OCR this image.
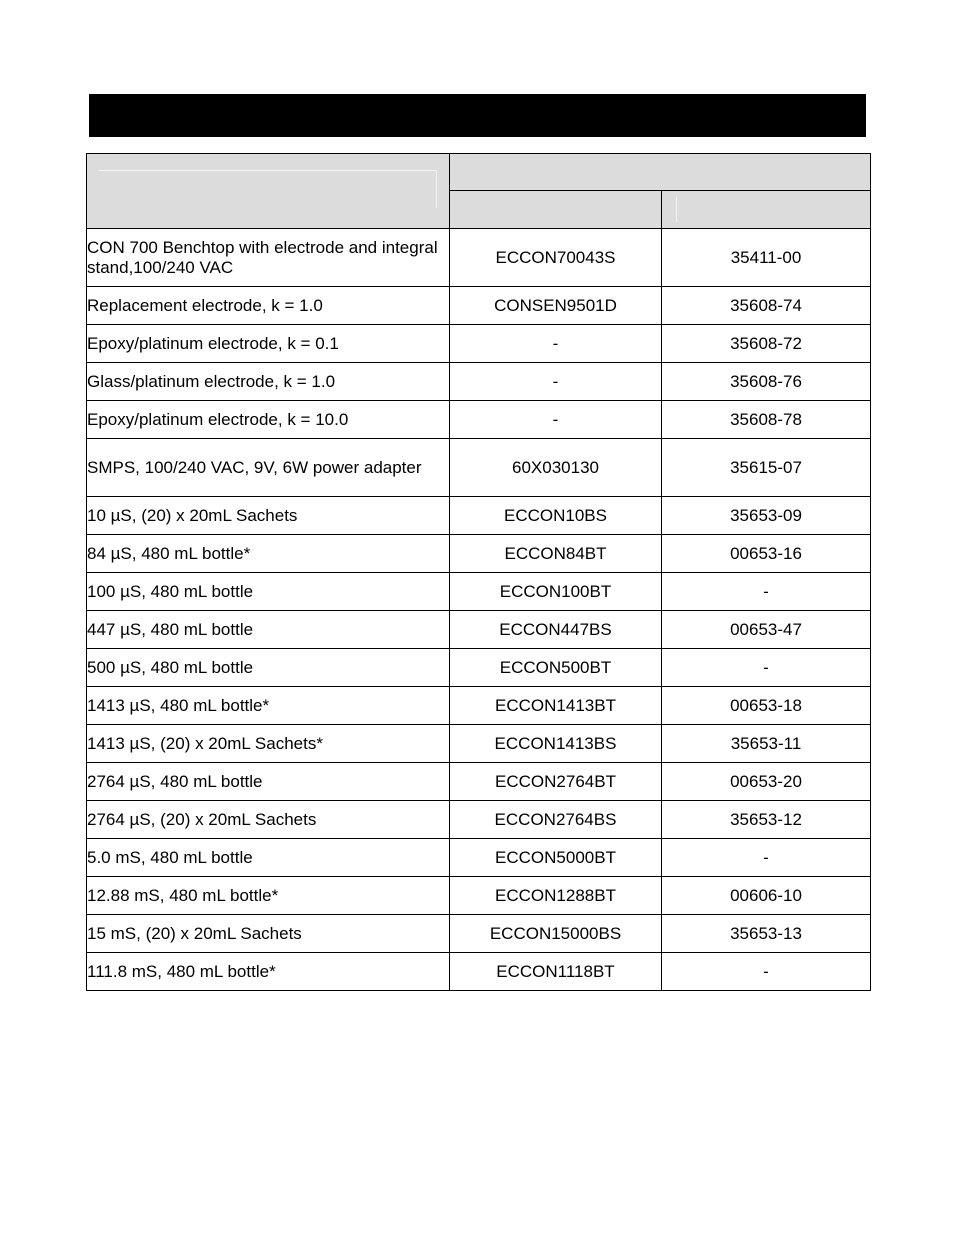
CON 700 Benchtop with electrode and integral stand,100/240 VAC	ECCON70043S	35411-00
Replacement electrode, k = 1.0	CONSEN9501D	35608-74
Epoxy/platinum electrode, k = 0.1	-	35608-72
Glass/platinum electrode, k = 1.0	-	35608-76
Epoxy/platinum electrode, k = 10.0	-	35608-78
SMPS, 100/240 VAC, 9V, 6W power adapter	60X030130	35615-07
10 µS, (20) x 20mL Sachets	ECCON10BS	35653-09
84 µS, 480 mL bottle*	ECCON84BT	00653-16
100 µS, 480 mL bottle	ECCON100BT	-
447 µS, 480 mL bottle	ECCON447BS	00653-47
500 µS, 480 mL bottle	ECCON500BT	-
1413 µS, 480 mL bottle*	ECCON1413BT	00653-18
1413 µS, (20) x 20mL Sachets*	ECCON1413BS	35653-11
2764 µS, 480 mL bottle	ECCON2764BT	00653-20
2764 µS, (20) x 20mL Sachets	ECCON2764BS	35653-12
5.0 mS, 480 mL bottle	ECCON5000BT	-
12.88 mS, 480 mL bottle*	ECCON1288BT	00606-10
15 mS, (20) x 20mL Sachets	ECCON15000BS	35653-13
111.8 mS, 480 mL bottle*	ECCON1118BT	-
